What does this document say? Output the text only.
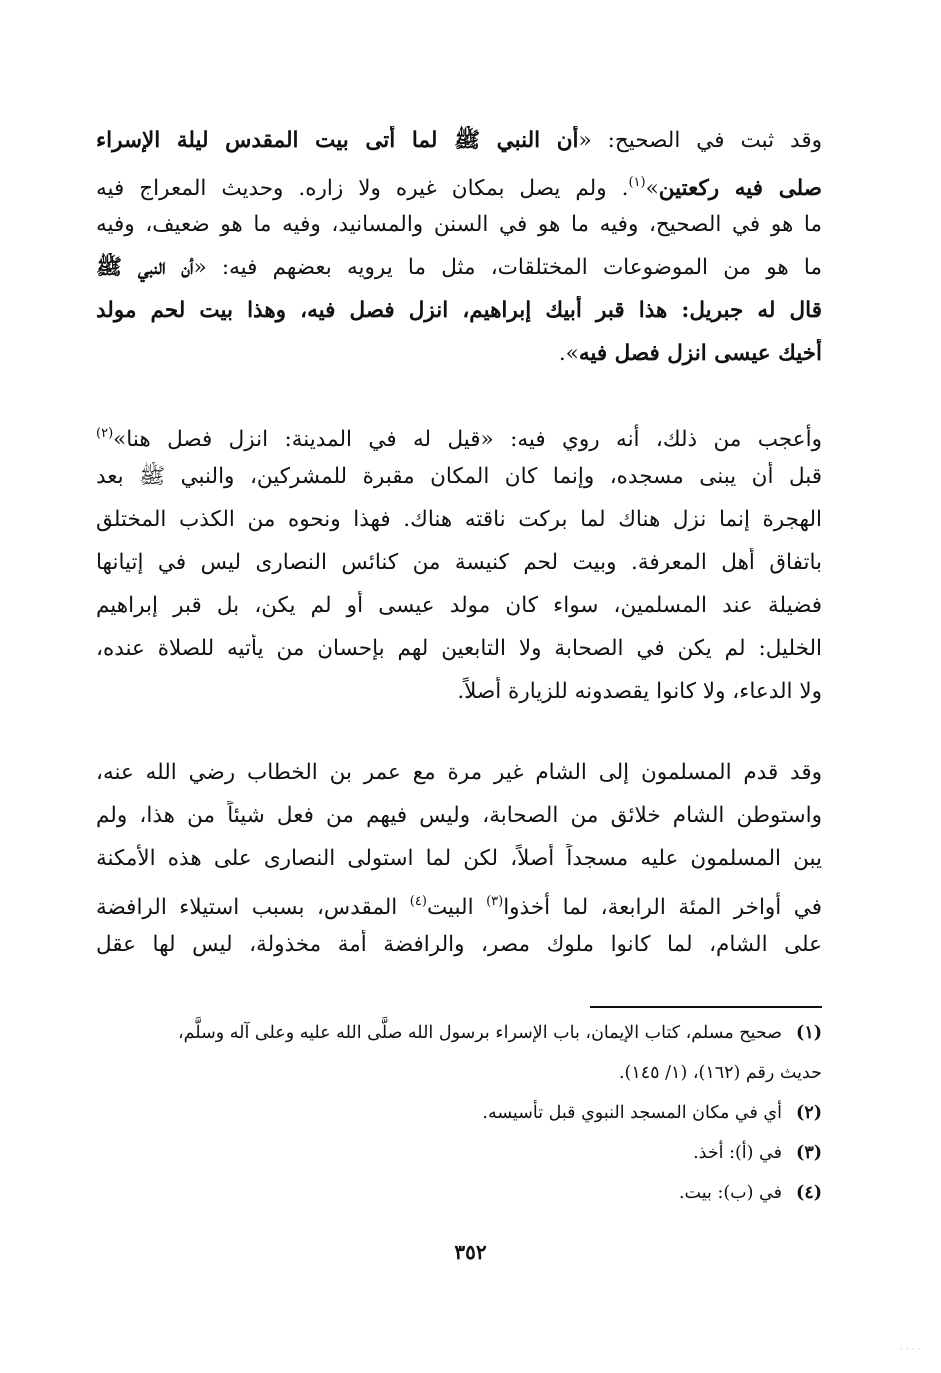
وقد ثبت في الصحيح: «أن النبي ﷺ لما أتى بيت المقدس ليلة الإسراء
صلى فيه ركعتين»$^{(١)}$. ولم يصل بمكان غيره ولا زاره. وحديث المعراج فيه
ما هو في الصحيح، وفيه ما هو في السنن والمسانيد، وفيه ما هو ضعيف، وفيه
ما هو من الموضوعات المختلقات، مثل ما يرويه بعضهم فيه: «أن النبي ﷺ
قال له جبريل: هذا قبر أبيك إبراهيم، انزل فصل فيه، وهذا بيت لحم مولد
أخيك عيسى انزل فصل فيه».
وأعجب من ذلك، أنه روي فيه: «قيل له في المدينة: انزل فصل هنا»$^{(٢)}$
قبل أن يبنى مسجده، وإنما كان المكان مقبرة للمشركين، والنبي ﷺ بعد
الهجرة إنما نزل هناك لما بركت ناقته هناك. فهذا ونحوه من الكذب المختلق
باتفاق أهل المعرفة. وبيت لحم كنيسة من كنائس النصارى ليس في إتيانها
فضيلة عند المسلمين، سواء كان مولد عيسى أو لم يكن، بل قبر إبراهيم
الخليل: لم يكن في الصحابة ولا التابعين لهم بإحسان من يأتيه للصلاة عنده،
ولا الدعاء، ولا كانوا يقصدونه للزيارة أصلاً.
وقد قدم المسلمون إلى الشام غير مرة مع عمر بن الخطاب رضي الله عنه،
واستوطن الشام خلائق من الصحابة، وليس فيهم من فعل شيئاً من هذا، ولم
يبن المسلمون عليه مسجداً أصلاً، لكن لما استولى النصارى على هذه الأمكنة
في أواخر المئة الرابعة، لما أخذوا$^{(٣)}$ البيت$^{(٤)}$ المقدس، بسبب استيلاء الرافضة
على الشام، لما كانوا ملوك مصر، والرافضة أمة مخذولة، ليس لها عقل
(١)صحيح مسلم، كتاب الإيمان، باب الإسراء برسول الله صلَّى الله عليه وعلى آله وسلَّم،
حديث رقم (١٦٢)، (١/ ١٤٥).
(٢)أي في مكان المسجد النبوي قبل تأسيسه.
(٣)في (أ): أخذ.
(٤)في (ب): بيت.
٣٥٢
· · · ·
